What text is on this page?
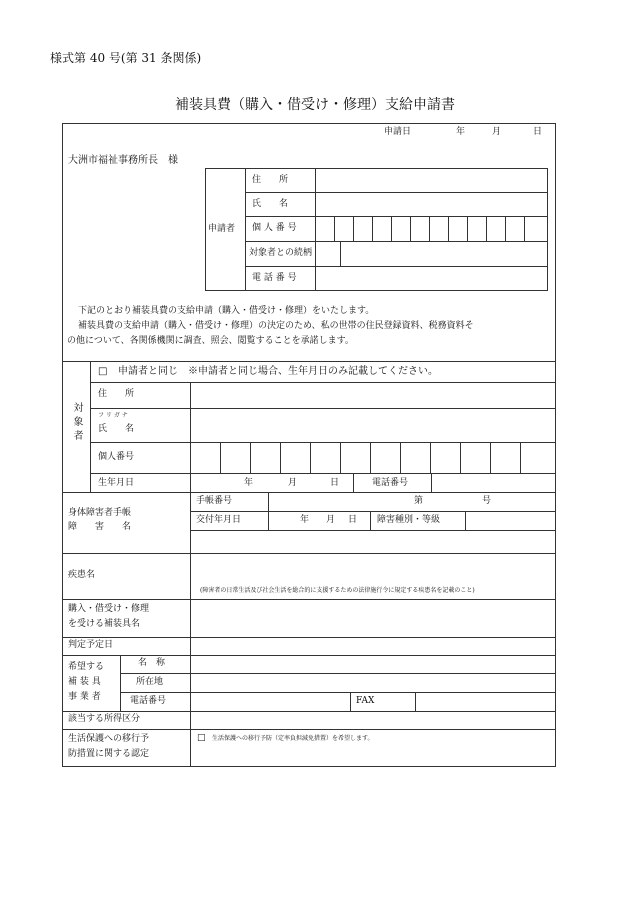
様式第 40 号(第 31 条関係)
補装具費（購入・借受け・修理）支給申請書
申請日	年	月	日
大洲市福祉事務所長　様
申請者
住　　所
氏　　名
個 人 番 号
対象者との続柄
電 話 番 号
下記のとおり補装具費の支給申請（購入・借受け・修理）をいたします。
補装具費の支給申請（購入・借受け・修理）の決定のため、私の世帯の住民登録資料、税務資料そ
の他について、各関係機関に調査、照会、閲覧することを承諾します。
対象者
□ 申請者と同じ　※申請者と同じ場合、生年月日のみ記載してください。
住　　所
フ リ ガ ナ
氏　　名
個人番号
生年月日	年	月	日	電話番号
身体障害者手帳
障　　害　　名
手帳番号	第	号
交付年月日	年 月 日 障害種別・等級
疾患名
(障害者の日常生活及び社会生活を総合的に支援するための法律施行令に規定する疾患名を記載のこと)
購入・借受け・修理
を受ける補装具名
判定予定日
希望する
補 装 具
事 業 者
名　称
所在地
電話番号	FAX
該当する所得区分
生活保護への移行予
防措置に関する認定
□ 生活保護への移行予防（定率負担減免措置）を希望します。
